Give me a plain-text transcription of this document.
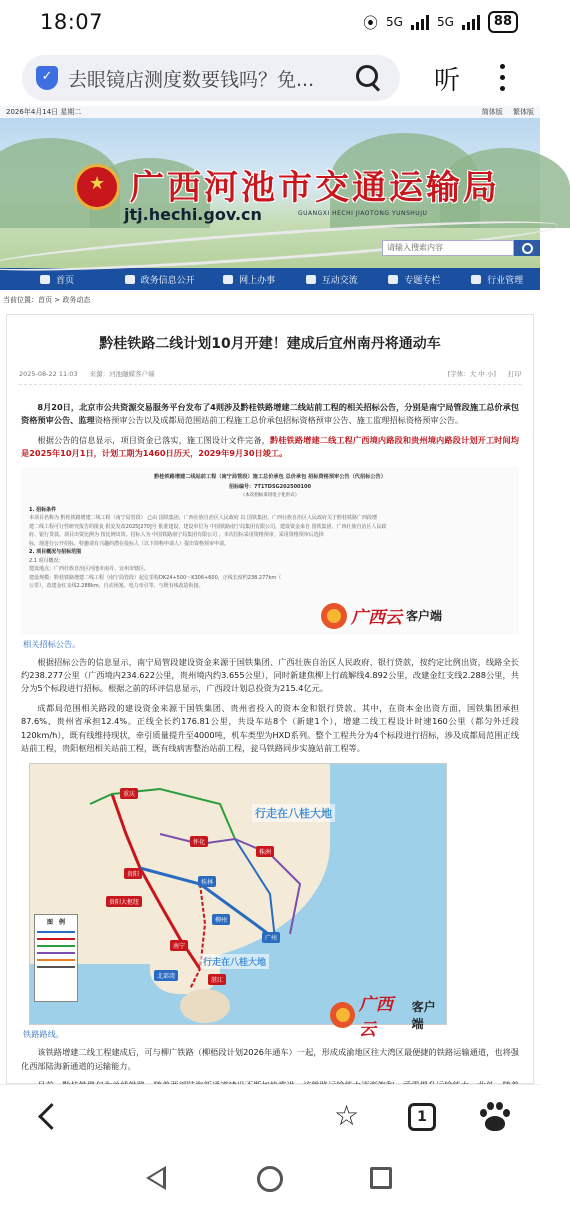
18:07	⦿ 5G	5G	88
✓ 去眼镜店测度数要钱吗？免...	听
2026年4月14日 星期二	简体版 繁体版
★
广西河池市交通运输局
jtj.hechi.gov.cn	GUANGXI HECHI JIAOTONG YUNSHUJU
请输入搜索内容
首页	政务信息公开	网上办事	互动交流	专题专栏	行业管理
当前位置：首页 > 政务动态
黔桂铁路二线计划10月开建！建成后宜州南丹将通动车
2025-08-22 11:03 来源：河池融媒客户端	[字体：大 中 小] 打印

8月20日，北京市公共资源交易服务平台发布了4则涉及黔桂铁路增建二线站前工程的相关招标公告，分别是南宁局管段施工总价承包资格预审公告、监理资格预审公告以及成都局范围站前工程施工总价承包招标资格预审公告、施工监理招标资格预审公告。

根据公告的信息显示，项目资金已落实，施工图设计文件完备，黔桂铁路增建二线工程广西境内路段和贵州境内路段计划开工时间均是2025年10月1日，计划工期为1460日历天，2029年9月30日竣工。

黔桂铁路增建二线站前工程（南宁局管段）施工总价承包 总价承包 招标资格预审公告（代招标公告）
招标编号：7T1TDSG202500100
（本次招标采用电子化形式）
1. 招标条件
本项目名称为 黔桂铁路增建二线工程（南宁局管段） 已由 国铁集团、广西壮族自治区人民政府 以 国铁集团、广西壮族自治区人民政府关于黔桂铁路广西段增
建二线工程可行性研究报告的批复 批复发改2025[270]号 批准建设，建设单位为 中国铁路南宁局集团有限公司，建设资金来自 国铁集团、广西壮族自治区人民政
府、银行贷款。项目出资比例为 按比例出资。招标人为 中国铁路南宁局集团有限公司 。本次招标采用资格预审，采用资格预审后选择
标，现进行公开招标，特邀请有兴趣的潜在投标人（以下简称申请人）提出资格预审申请。
2. 项目概况与招标范围
2.1 项目概况：
建设地点：广西壮族自治区河池市南丹、宜州市辖区。
建设规模：黔桂铁路增建二线工程（南宁局管段）起讫里程DK24+500～K306+600，正线长度约238.277km（
公里），改建金红支线2.288km，自动闭塞、电力牵引等，与既有线改造衔接。
广西云 客户端
相关招标公告。

根据招标公告的信息显示，南宁局管段建设资金来源于国铁集团、广西壮族自治区人民政府、银行贷款，按约定比例出资，线路全长约238.277公里（广西境内234.622公里，贵州境内约3.655公里），同时新建焦柳上行疏解线4.892公里，改建金红支线2.288公里，共分为5个标段进行招标。根据之前的环评信息显示，广西段计划总投资为215.4亿元。

成都局范围相关路段的建设资金来源于国铁集团、贵州省投入的资本金和银行贷款、其中，在资本金出资方面，国铁集团承担87.6%、贵州省承担12.4%。正线全长约176.81公里，共设车站8个（新建1个），增建二线工程设计时速160公里（都匀外迁段120km/h），既有线维持现状，牵引质量提升至4000吨，机车类型为HXD系列。整个工程共分为4个标段进行招标，涉及成都局范围正线站前工程，贵阳枢纽相关站前工程，既有线病害整治站前工程，瓮马铁路同步实施站前工程等。

重庆
贵阳
怀化
株洲
桂林
柳州
南宁
广州
湛江
北部湾
贵阳大枢纽
行走在八桂大地
行走在八桂大地
图　例
广西云
客户端
铁路路线。

该铁路增建二线工程建成后，可与柳广铁路（柳梧段计划2026年通车）一起，形成成渝地区往大湾区最便捷的铁路运输通道，也将强化西部陆海新通道的运输能力。

☆	1
